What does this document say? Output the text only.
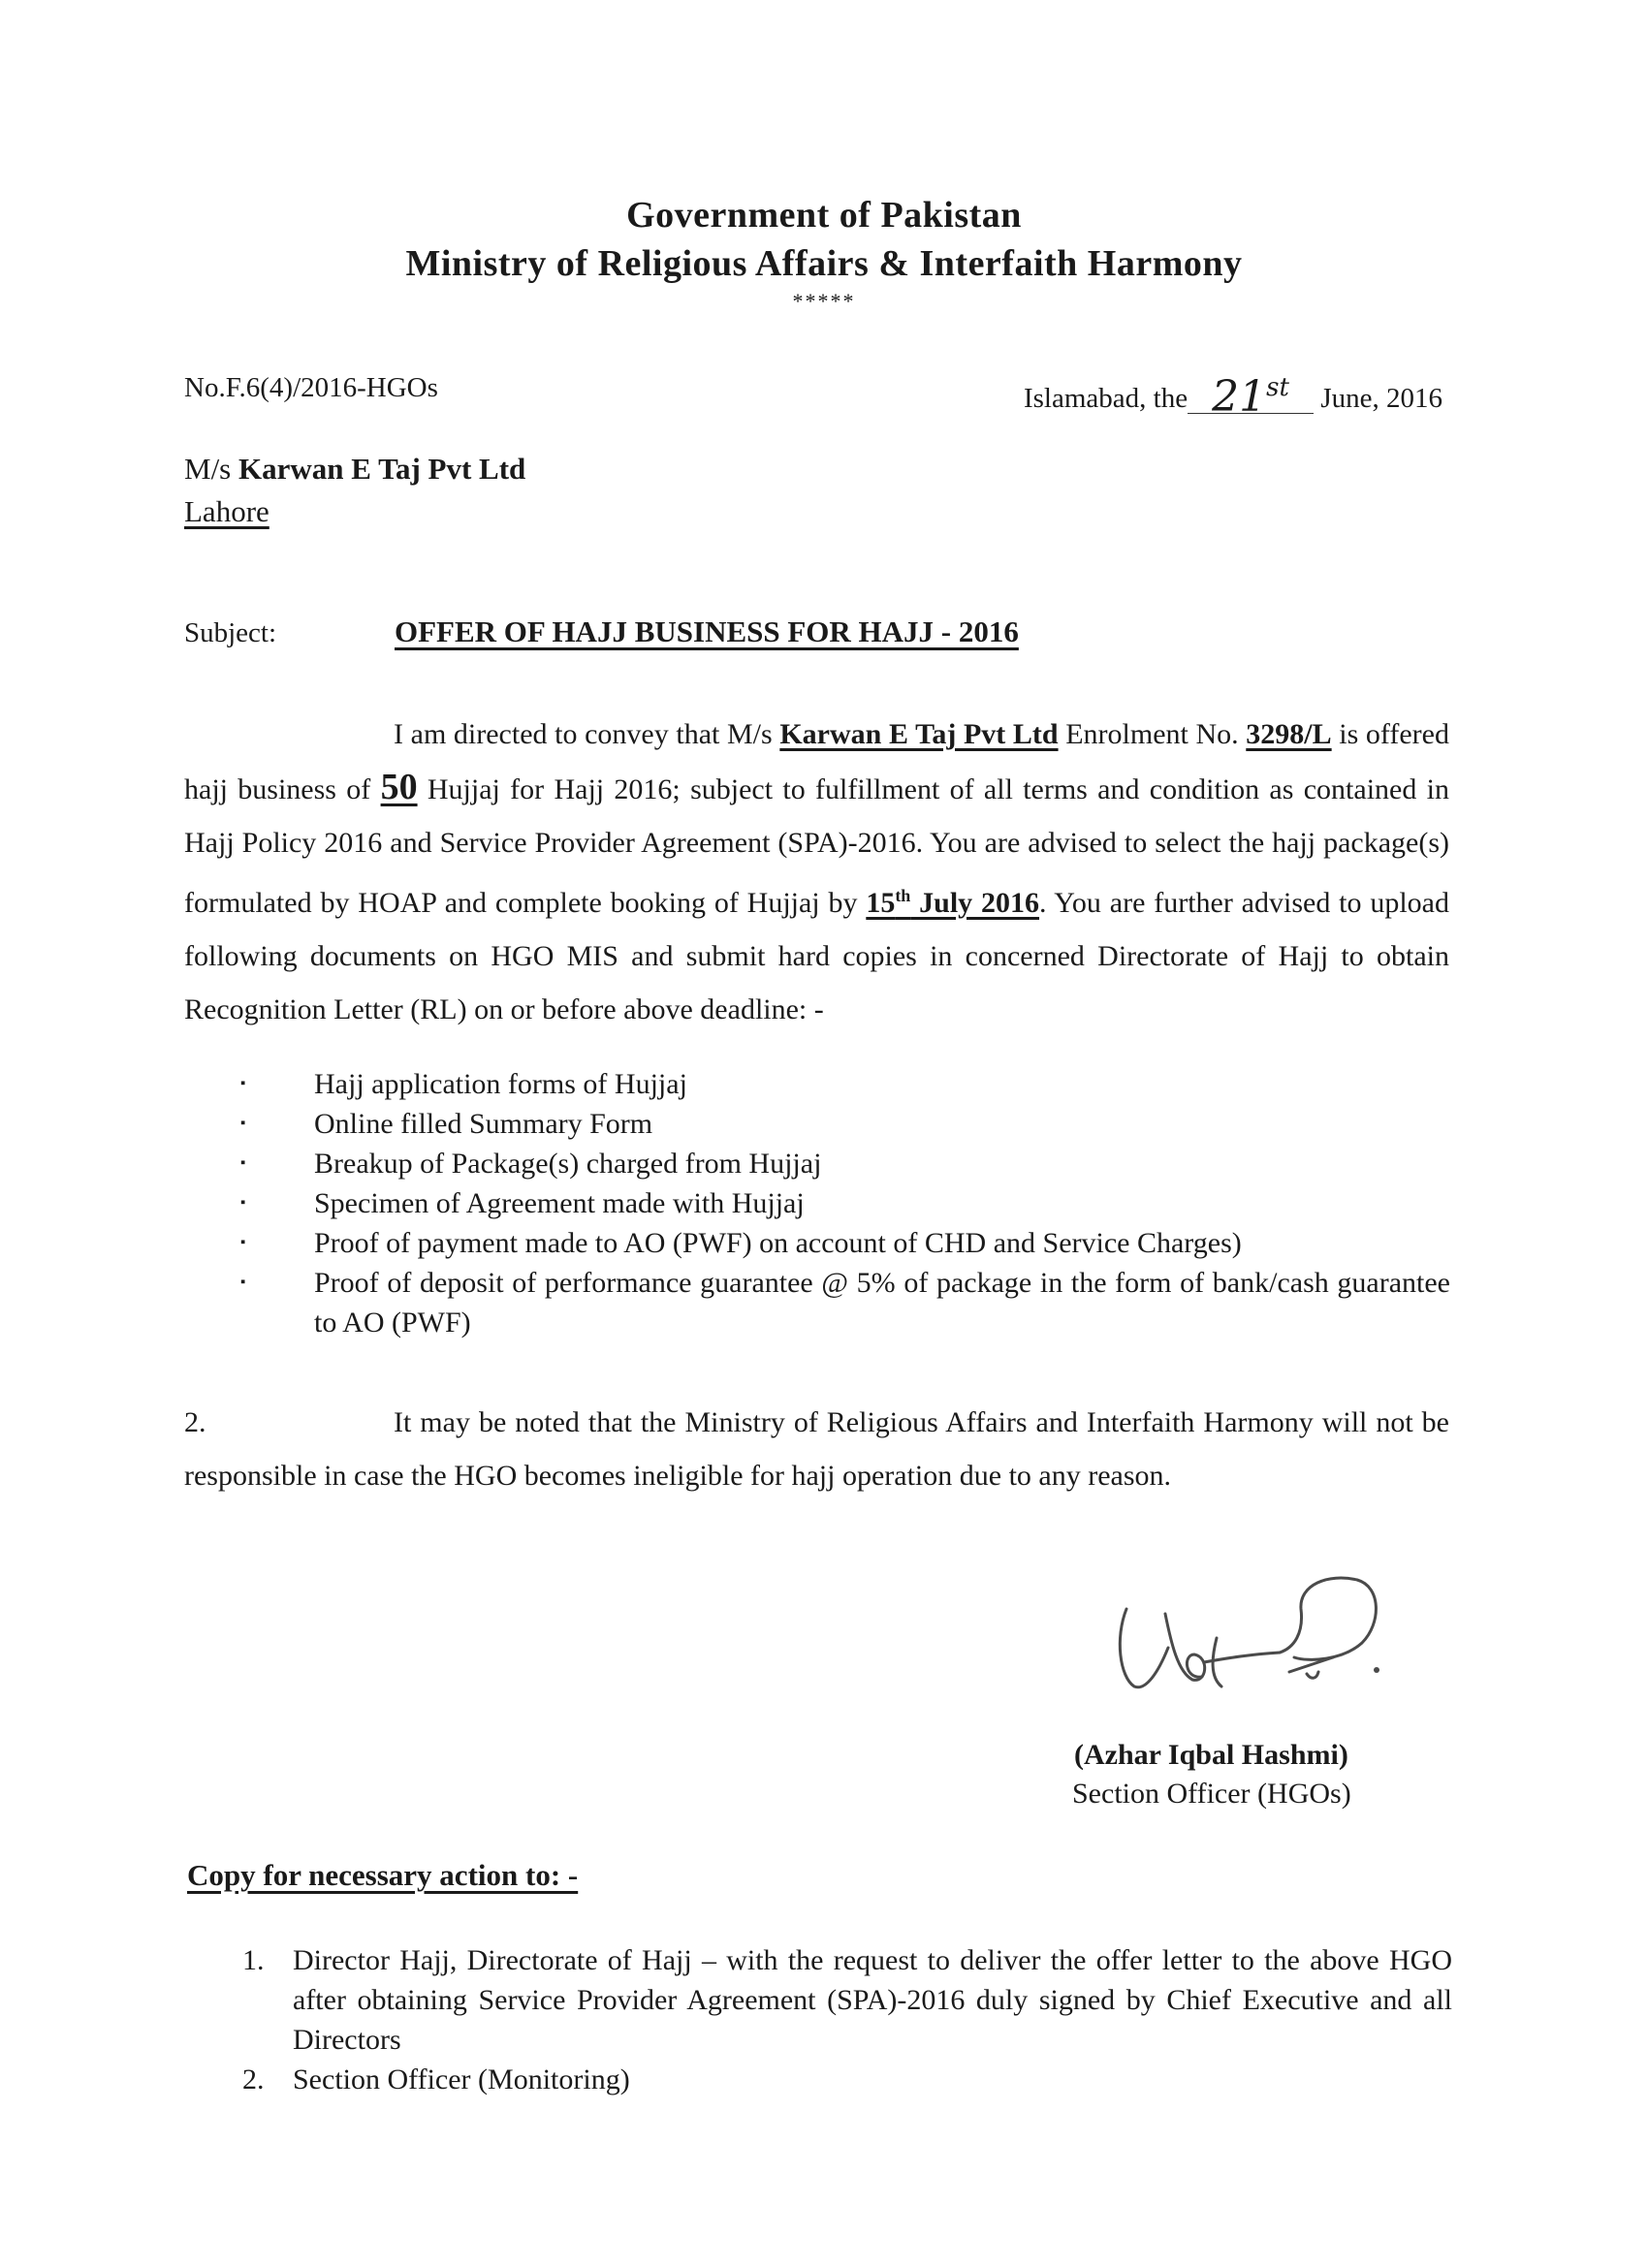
Government of Pakistan
Ministry of Religious Affairs & Interfaith Harmony
*****
No.F.6(4)/2016-HGOs	Islamabad, the 21st June, 2016
M/s Karwan E Taj Pvt Ltd
Lahore
Subject:	OFFER OF HAJJ BUSINESS FOR HAJJ - 2016
I am directed to convey that M/s Karwan E Taj Pvt Ltd Enrolment No. 3298/L is offered hajj business of 50 Hujjaj for Hajj 2016; subject to fulfillment of all terms and condition as contained in Hajj Policy 2016 and Service Provider Agreement (SPA)-2016. You are advised to select the hajj package(s) formulated by HOAP and complete booking of Hujjaj by 15th July 2016. You are further advised to upload following documents on HGO MIS and submit hard copies in concerned Directorate of Hajj to obtain Recognition Letter (RL) on or before above deadline: -
▪ Hajj application forms of Hujjaj
▪ Online filled Summary Form
▪ Breakup of Package(s) charged from Hujjaj
▪ Specimen of Agreement made with Hujjaj
▪ Proof of payment made to AO (PWF) on account of CHD and Service Charges)
▪ Proof of deposit of performance guarantee @ 5% of package in the form of bank/cash guarantee to AO (PWF)
2.	It may be noted that the Ministry of Religious Affairs and Interfaith Harmony will not be responsible in case the HGO becomes ineligible for hajj operation due to any reason.
(Azhar Iqbal Hashmi)
Section Officer (HGOs)
Copy for necessary action to: -
1. Director Hajj, Directorate of Hajj – with the request to deliver the offer letter to the above HGO after obtaining Service Provider Agreement (SPA)-2016 duly signed by Chief Executive and all Directors
2. Section Officer (Monitoring)
